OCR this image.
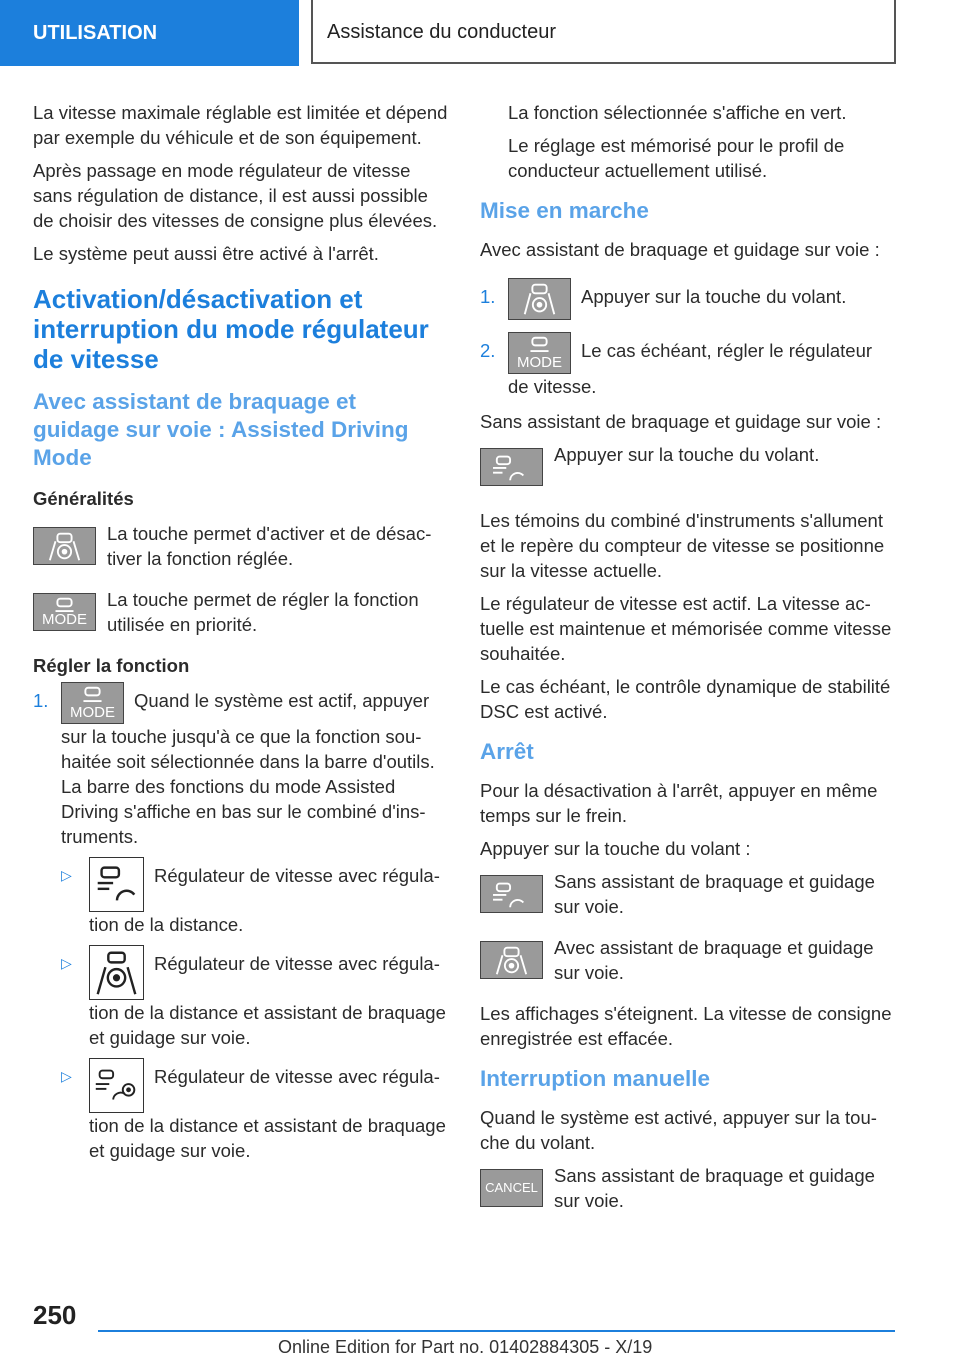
UTILISATION	Assistance du conducteur

La vitesse maximale réglable est limitée et dépend par exemple du véhicule et de son équipement.

Après passage en mode régulateur de vitesse sans régulation de distance, il est aussi possible de choisir des vitesses de consigne plus élevées.

Le système peut aussi être activé à l'arrêt.

Activation/désactivation et interruption du mode régulateur de vitesse
Avec assistant de braquage et guidage sur voie : Assisted Driving Mode
Généralités
La touche permet d'activer et de désactiver la fonction réglée.
MODE
La touche permet de régler la fonction utilisée en priorité.
Régler la fonction
1.
MODE
Quand le système est actif, appuyer sur la touche jusqu'à ce que la fonction souhaitée soit sélectionnée dans la barre d'outils. La barre des fonctions du mode Assisted Driving s'affiche en bas sur le combiné d'instruments.
▷	Régulateur de vitesse avec régulation de la distance.
▷	Régulateur de vitesse avec régulation de la distance et assistant de braquage et guidage sur voie.
▷	Régulateur de vitesse avec régulation de la distance et assistant de braquage et guidage sur voie.

La fonction sélectionnée s'affiche en vert.

Le réglage est mémorisé pour le profil de conducteur actuellement utilisé.

Mise en marche

Avec assistant de braquage et guidage sur voie :

1.	Appuyer sur la touche du volant.
2.
MODE
Le cas échéant, régler le régulateur de vitesse.

Sans assistant de braquage et guidage sur voie :

Appuyer sur la touche du volant.

Les témoins du combiné d'instruments s'allument et le repère du compteur de vitesse se positionne sur la vitesse actuelle.

Le régulateur de vitesse est actif. La vitesse actuelle est maintenue et mémorisée comme vitesse souhaitée.

Le cas échéant, le contrôle dynamique de stabilité DSC est activé.

Arrêt

Pour la désactivation à l'arrêt, appuyer en même temps sur le frein.

Appuyer sur la touche du volant :

Sans assistant de braquage et guidage sur voie.
Avec assistant de braquage et guidage sur voie.

Les affichages s'éteignent. La vitesse de consigne enregistrée est effacée.

Interruption manuelle

Quand le système est activé, appuyer sur la touche du volant.

CANCEL
Sans assistant de braquage et guidage sur voie.
250
Online Edition for Part no. 01402884305 - X/19
